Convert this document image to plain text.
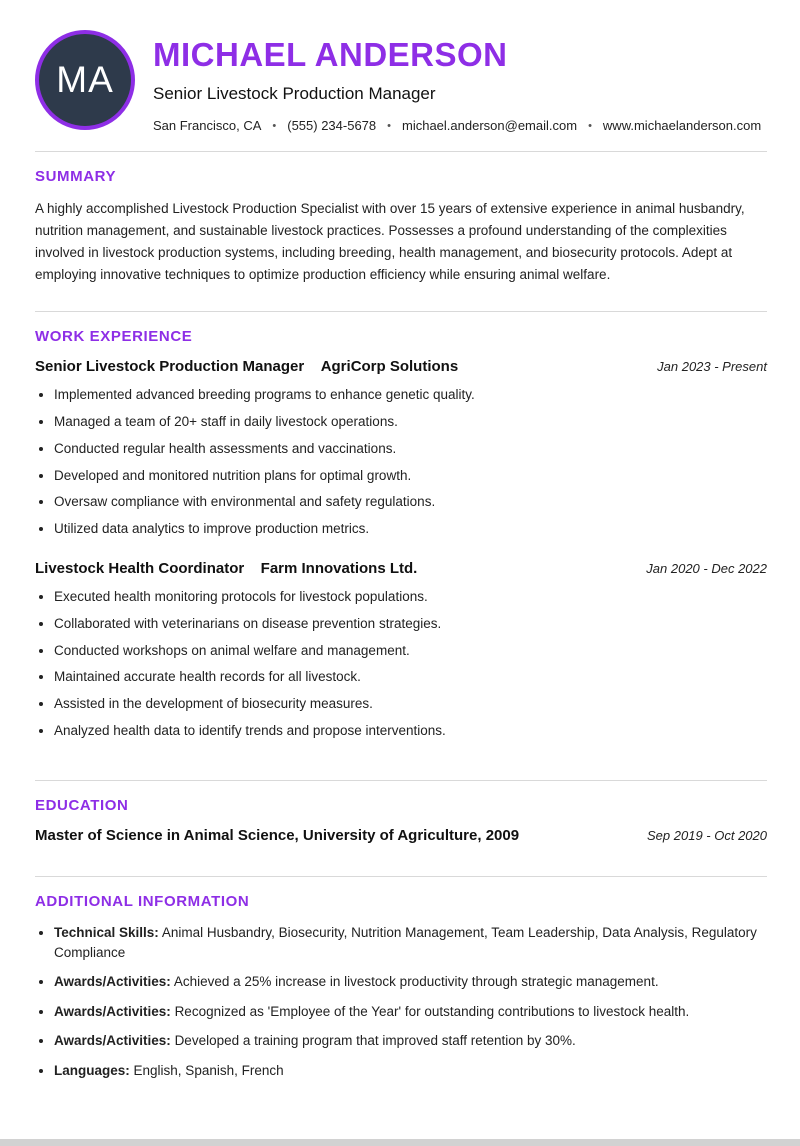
MA
MICHAEL ANDERSON
Senior Livestock Production Manager
San Francisco, CA • (555) 234-5678 • michael.anderson@email.com • www.michaelanderson.com
SUMMARY

A highly accomplished Livestock Production Specialist with over 15 years of extensive experience in animal husbandry, nutrition management, and sustainable livestock practices. Possesses a profound understanding of the complexities involved in livestock production systems, including breeding, health management, and biosecurity protocols. Adept at employing innovative techniques to optimize production efficiency while ensuring animal welfare.

WORK EXPERIENCE
Senior Livestock Production Manager AgriCorp Solutions	Jan 2023 - Present
• Implemented advanced breeding programs to enhance genetic quality.
• Managed a team of 20+ staff in daily livestock operations.
• Conducted regular health assessments and vaccinations.
• Developed and monitored nutrition plans for optimal growth.
• Oversaw compliance with environmental and safety regulations.
• Utilized data analytics to improve production metrics.
Livestock Health Coordinator Farm Innovations Ltd.	Jan 2020 - Dec 2022
• Executed health monitoring protocols for livestock populations.
• Collaborated with veterinarians on disease prevention strategies.
• Conducted workshops on animal welfare and management.
• Maintained accurate health records for all livestock.
• Assisted in the development of biosecurity measures.
• Analyzed health data to identify trends and propose interventions.
EDUCATION
Master of Science in Animal Science, University of Agriculture, 2009	Sep 2019 - Oct 2020
ADDITIONAL INFORMATION
• Technical Skills: Animal Husbandry, Biosecurity, Nutrition Management, Team Leadership, Data Analysis, Regulatory Compliance
• Awards/Activities: Achieved a 25% increase in livestock productivity through strategic management.
• Awards/Activities: Recognized as 'Employee of the Year' for outstanding contributions to livestock health.
• Awards/Activities: Developed a training program that improved staff retention by 30%.
• Languages: English, Spanish, French
